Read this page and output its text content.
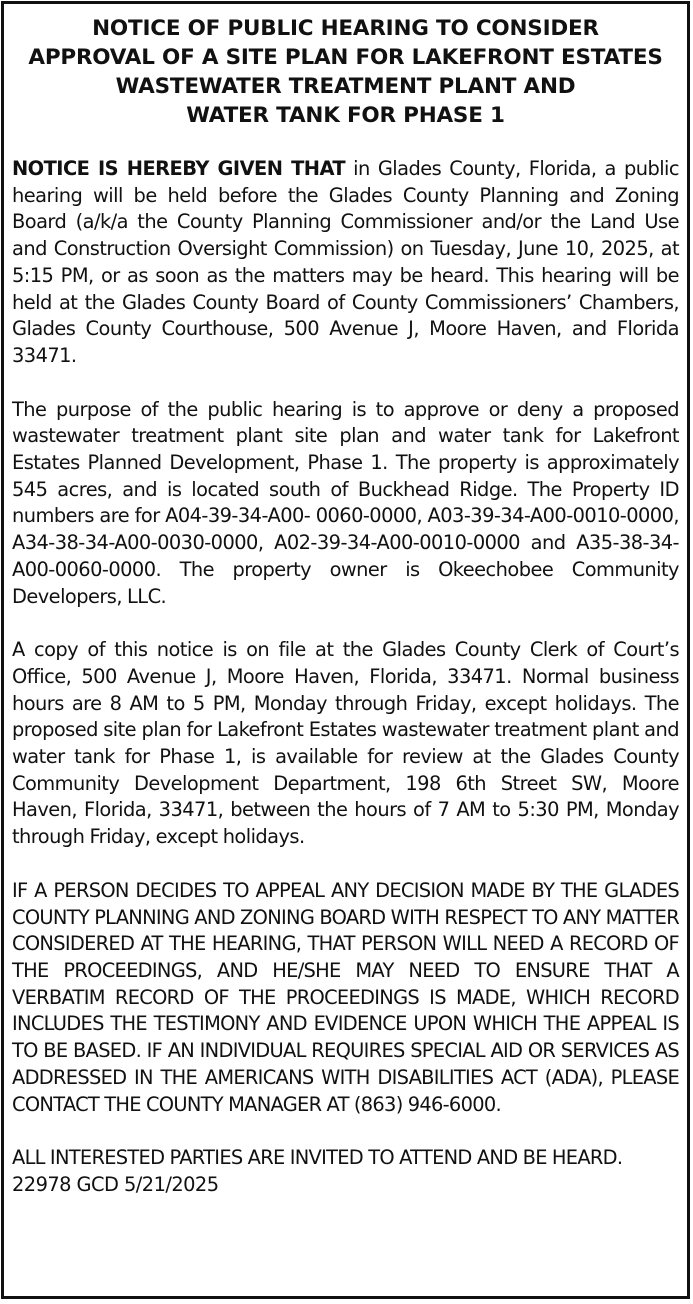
NOTICE OF PUBLIC HEARING TO CONSIDER
APPROVAL OF A SITE PLAN FOR LAKEFRONT ESTATES
WASTEWATER TREATMENT PLANT AND
WATER TANK FOR PHASE 1

NOTICE IS HEREBY GIVEN THAT in Glades County, Florida, a public hearing will be held before the Glades County Planning and Zoning Board (a/k/a the County Planning Commissioner and/or the Land Use and Construction Oversight Commission) on Tuesday, June 10, 2025, at 5:15 PM, or as soon as the matters may be heard. This hearing will be held at the Glades County Board of County Commissioners’ Chambers, Glades County Courthouse, 500 Avenue J, Moore Haven, and Florida 33471.

The purpose of the public hearing is to approve or deny a proposed wastewater treatment plant site plan and water tank for Lakefront Estates Planned Development, Phase 1. The property is approximately 545 acres, and is located south of Buckhead Ridge. The Property ID numbers are for A04-39-34-A00- 0060-0000, A03-39-34-A00-0010-0000, A34-38-34-A00-0030-0000, A02-39-34-A00-0010-0000 and A35-38-34-A00-0060-0000. The property owner is Okeechobee Community Developers, LLC.

A copy of this notice is on file at the Glades County Clerk of Court’s Office, 500 Avenue J, Moore Haven, Florida, 33471. Normal business hours are 8 AM to 5 PM, Monday through Friday, except holidays. The proposed site plan for Lakefront Estates wastewater treatment plant and water tank for Phase 1, is available for review at the Glades County Community Development Department, 198 6th Street SW, Moore Haven, Florida, 33471, between the hours of 7 AM to 5:30 PM, Monday through Friday, except holidays.

IF A PERSON DECIDES TO APPEAL ANY DECISION MADE BY THE GLADES COUNTY PLANNING AND ZONING BOARD WITH RESPECT TO ANY MATTER CONSIDERED AT THE HEARING, THAT PERSON WILL NEED A RECORD OF THE PROCEEDINGS, AND HE/SHE MAY NEED TO ENSURE THAT A VERBATIM RECORD OF THE PROCEEDINGS IS MADE, WHICH RECORD INCLUDES THE TESTIMONY AND EVIDENCE UPON WHICH THE APPEAL IS TO BE BASED. IF AN INDIVIDUAL REQUIRES SPECIAL AID OR SERVICES AS ADDRESSED IN THE AMERICANS WITH DISABILITIES ACT (ADA), PLEASE CONTACT THE COUNTY MANAGER AT (863) 946-6000.

ALL INTERESTED PARTIES ARE INVITED TO ATTEND AND BE HEARD.

22978 GCD 5/21/2025
